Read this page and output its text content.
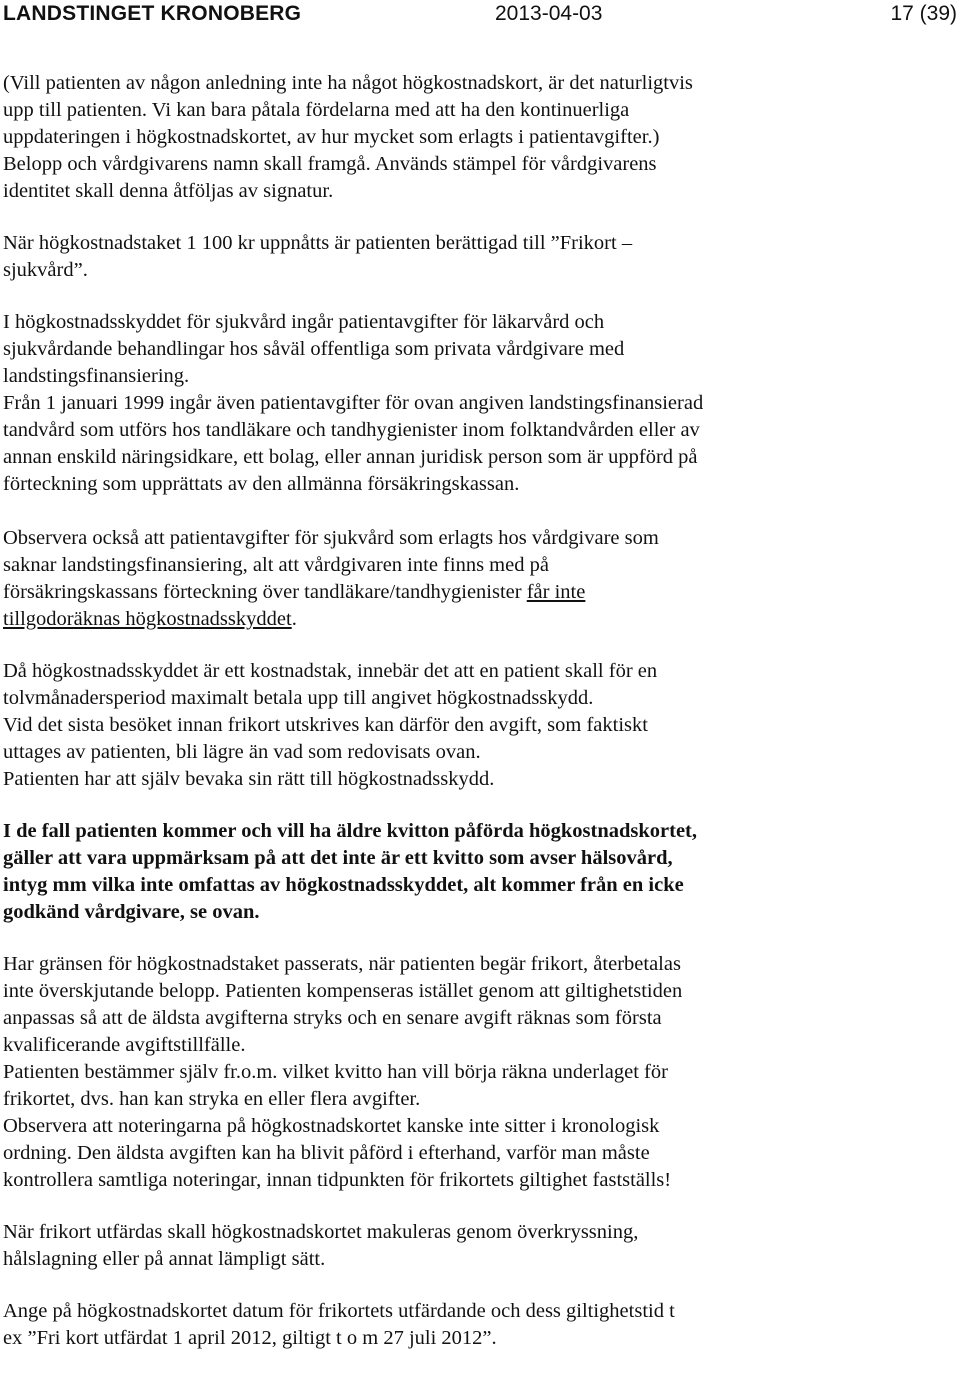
LANDSTINGET KRONOBERG	2013-04-03	17 (39)

(Vill patienten av någon anledning inte ha något högkostnadskort, är det naturligtvis
upp till patienten. Vi kan bara påtala fördelarna med att ha den kontinuerliga
uppdateringen i högkostnadskortet, av hur mycket som erlagts i patientavgifter.)
Belopp och vårdgivarens namn skall framgå. Används stämpel för vårdgivarens
identitet skall denna åtföljas av signatur.

När högkostnadstaket 1 100 kr uppnåtts är patienten berättigad till ”Frikort –
sjukvård”.

I högkostnadsskyddet för sjukvård ingår patientavgifter för läkarvård och
sjukvårdande behandlingar hos såväl offentliga som privata vårdgivare med
landstingsfinansiering.
Från 1 januari 1999 ingår även patientavgifter för ovan angiven landstingsfinansierad
tandvård som utförs hos tandläkare och tandhygienister inom folktandvården eller av
annan enskild näringsidkare, ett bolag, eller annan juridisk person som är uppförd på
förteckning som upprättats av den allmänna försäkringskassan.

Observera också att patientavgifter för sjukvård som erlagts hos vårdgivare som
saknar landstingsfinansiering, alt att vårdgivaren inte finns med på
försäkringskassans förteckning över tandläkare/tandhygienister får inte
tillgodoräknas högkostnadsskyddet.

Då högkostnadsskyddet är ett kostnadstak, innebär det att en patient skall för en
tolvmånadersperiod maximalt betala upp till angivet högkostnadsskydd.
Vid det sista besöket innan frikort utskrives kan därför den avgift, som faktiskt
uttages av patienten, bli lägre än vad som redovisats ovan.
Patienten har att själv bevaka sin rätt till högkostnadsskydd.

I de fall patienten kommer och vill ha äldre kvitton påförda högkostnadskortet,
gäller att vara uppmärksam på att det inte är ett kvitto som avser hälsovård,
intyg mm vilka inte omfattas av högkostnadsskyddet, alt kommer från en icke
godkänd vårdgivare, se ovan.

Har gränsen för högkostnadstaket passerats, när patienten begär frikort, återbetalas
inte överskjutande belopp. Patienten kompenseras istället genom att giltighetstiden
anpassas så att de äldsta avgifterna stryks och en senare avgift räknas som första
kvalificerande avgiftstillfälle.
Patienten bestämmer själv fr.o.m. vilket kvitto han vill börja räkna underlaget för
frikortet, dvs. han kan stryka en eller flera avgifter.
Observera att noteringarna på högkostnadskortet kanske inte sitter i kronologisk
ordning. Den äldsta avgiften kan ha blivit påförd i efterhand, varför man måste
kontrollera samtliga noteringar, innan tidpunkten för frikortets giltighet fastställs!

När frikort utfärdas skall högkostnadskortet makuleras genom överkryssning,
hålslagning eller på annat lämpligt sätt.

Ange på högkostnadskortet datum för frikortets utfärdande och dess giltighetstid t
ex ”Fri kort utfärdat 1 april 2012, giltigt t o m 27 juli 2012”.
